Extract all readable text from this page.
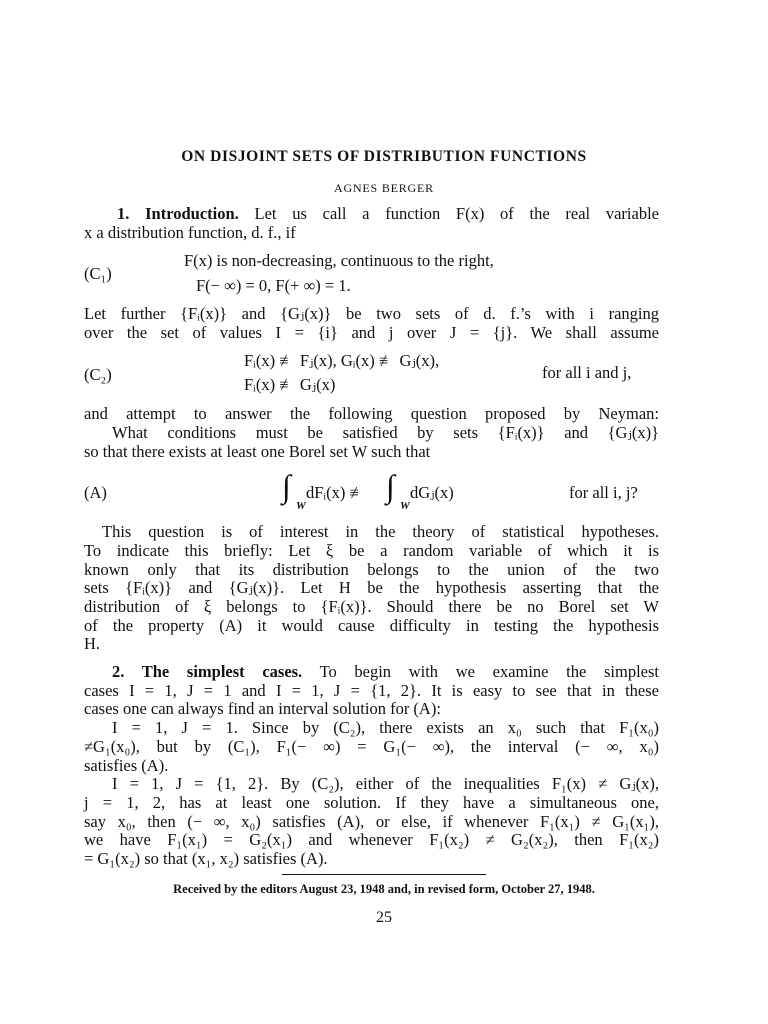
ON DISJOINT SETS OF DISTRIBUTION FUNCTIONS
AGNES BERGER
1. Introduction. Let us call a function F(x) of the real variable
x a distribution function, d. f., if
(C₁)
F(x) is non-decreasing, continuous to the right,
F(− ∞) = 0, F(+ ∞) = 1.
Let further {Fᵢ(x)} and {Gⱼ(x)} be two sets of d. f.’s with i ranging
over the set of values I = {i} and j over J = {j}. We shall assume
(C₂)
Fᵢ(x) ≢ Fⱼ(x), Gᵢ(x) ≢ Gⱼ(x),
Fᵢ(x) ≢ Gⱼ(x)
for all i and j,
and attempt to answer the following question proposed by Neyman:
What conditions must be satisfied by sets {Fᵢ(x)} and {Gⱼ(x)}
so that there exists at least one Borel set W such that
(A)	∫
W
dFᵢ(x) ≢ ∫
W
dGⱼ(x)	for all i, j?
This question is of interest in the theory of statistical hypotheses.
To indicate this briefly: Let ξ be a random variable of which it is
known only that its distribution belongs to the union of the two
sets {Fᵢ(x)} and {Gⱼ(x)}. Let H be the hypothesis asserting that the
distribution of ξ belongs to {Fᵢ(x)}. Should there be no Borel set W
of the property (A) it would cause difficulty in testing the hypothesis
H.
2. The simplest cases. To begin with we examine the simplest
cases I = 1, J = 1 and I = 1, J = {1, 2}. It is easy to see that in these
cases one can always find an interval solution for (A):
I = 1, J = 1. Since by (C₂), there exists an x₀ such that F₁(x₀)
≠G₁(x₀), but by (C₁), F₁(− ∞) = G₁(− ∞), the interval (− ∞, x₀)
satisfies (A).
I = 1, J = {1, 2}. By (C₂), either of the inequalities F₁(x) ≠ Gⱼ(x),
j = 1, 2, has at least one solution. If they have a simultaneous one,
say x₀, then (− ∞, x₀) satisfies (A), or else, if whenever F₁(x₁) ≠ G₁(x₁),
we have F₁(x₁) = G₂(x₁) and whenever F₁(x₂) ≠ G₂(x₂), then F₁(x₂)
= G₁(x₂) so that (x₁, x₂) satisfies (A).
Received by the editors August 23, 1948 and, in revised form, October 27, 1948.
25
